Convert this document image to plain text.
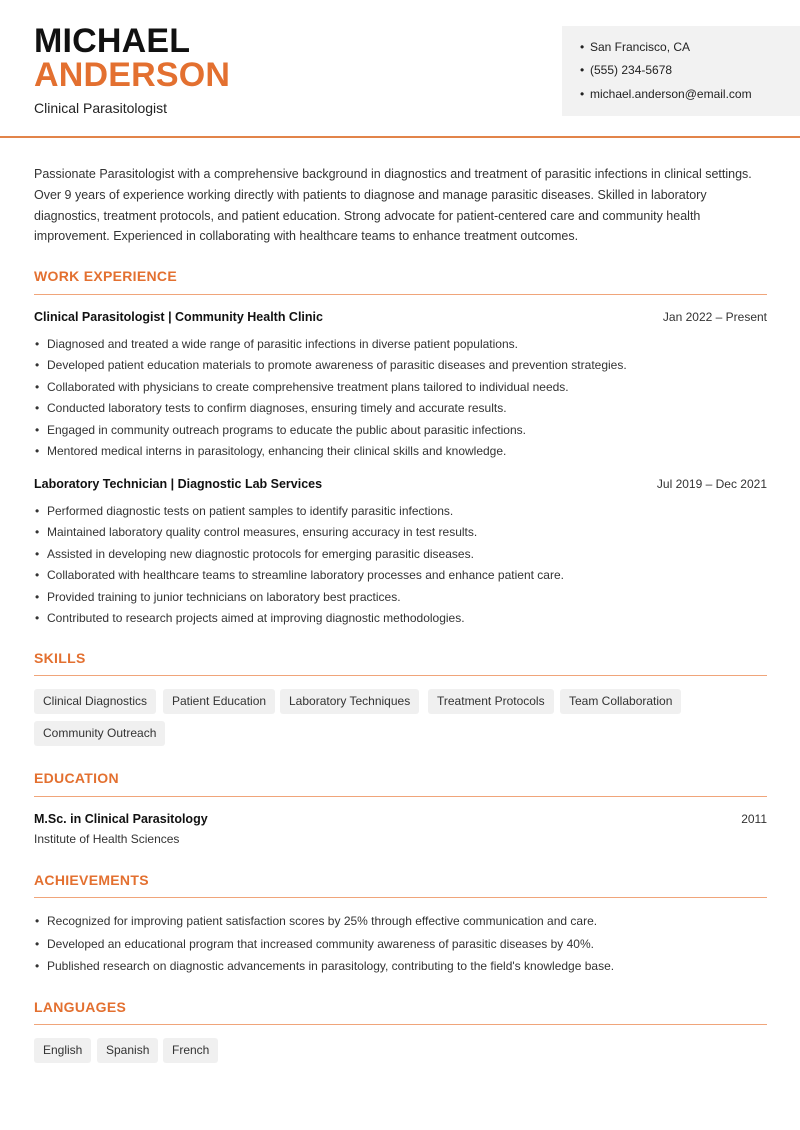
MICHAEL
ANDERSON
Clinical Parasitologist
• San Francisco, CA
• (555) 234-5678
• michael.anderson@email.com

Passionate Parasitologist with a comprehensive background in diagnostics and treatment of parasitic infections in clinical settings. Over 9 years of experience working directly with patients to diagnose and manage parasitic diseases. Skilled in laboratory diagnostics, treatment protocols, and patient education. Strong advocate for patient-centered care and community health improvement. Experienced in collaborating with healthcare teams to enhance treatment outcomes.

WORK EXPERIENCE
Clinical Parasitologist | Community Health Clinic	Jan 2022 – Present
• Diagnosed and treated a wide range of parasitic infections in diverse patient populations.
• Developed patient education materials to promote awareness of parasitic diseases and prevention strategies.
• Collaborated with physicians to create comprehensive treatment plans tailored to individual needs.
• Conducted laboratory tests to confirm diagnoses, ensuring timely and accurate results.
• Engaged in community outreach programs to educate the public about parasitic infections.
• Mentored medical interns in parasitology, enhancing their clinical skills and knowledge.
Laboratory Technician | Diagnostic Lab Services	Jul 2019 – Dec 2021
• Performed diagnostic tests on patient samples to identify parasitic infections.
• Maintained laboratory quality control measures, ensuring accuracy in test results.
• Assisted in developing new diagnostic protocols for emerging parasitic diseases.
• Collaborated with healthcare teams to streamline laboratory processes and enhance patient care.
• Provided training to junior technicians on laboratory best practices.
• Contributed to research projects aimed at improving diagnostic methodologies.
SKILLS
Clinical Diagnostics	Patient Education	Laboratory Techniques	Treatment Protocols	Team Collaboration
Community Outreach
EDUCATION
M.Sc. in Clinical Parasitology	2011
Institute of Health Sciences
ACHIEVEMENTS
• Recognized for improving patient satisfaction scores by 25% through effective communication and care.
• Developed an educational program that increased community awareness of parasitic diseases by 40%.
• Published research on diagnostic advancements in parasitology, contributing to the field's knowledge base.
LANGUAGES
English	Spanish	French
